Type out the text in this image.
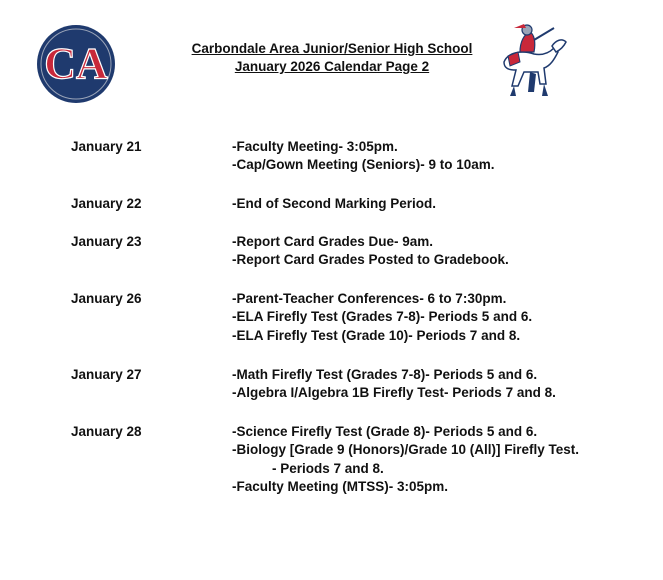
CA	Carbondale Area Junior/Senior High School
January 2026 Calendar Page 2
January 21	-Faculty Meeting- 3:05pm.
-Cap/Gown Meeting (Seniors)- 9 to 10am.
January 22	-End of Second Marking Period.
January 23	-Report Card Grades Due- 9am.
-Report Card Grades Posted to Gradebook.
January 26	-Parent-Teacher Conferences- 6 to 7:30pm.
-ELA Firefly Test (Grades 7-8)- Periods 5 and 6.
-ELA Firefly Test (Grade 10)- Periods 7 and 8.
January 27	-Math Firefly Test (Grades 7-8)- Periods 5 and 6.
-Algebra I/Algebra 1B Firefly Test- Periods 7 and 8.
January 28	-Science Firefly Test (Grade 8)- Periods 5 and 6.
-Biology [Grade 9 (Honors)/Grade 10 (All)] Firefly Test.
- Periods 7 and 8.
-Faculty Meeting (MTSS)- 3:05pm.
